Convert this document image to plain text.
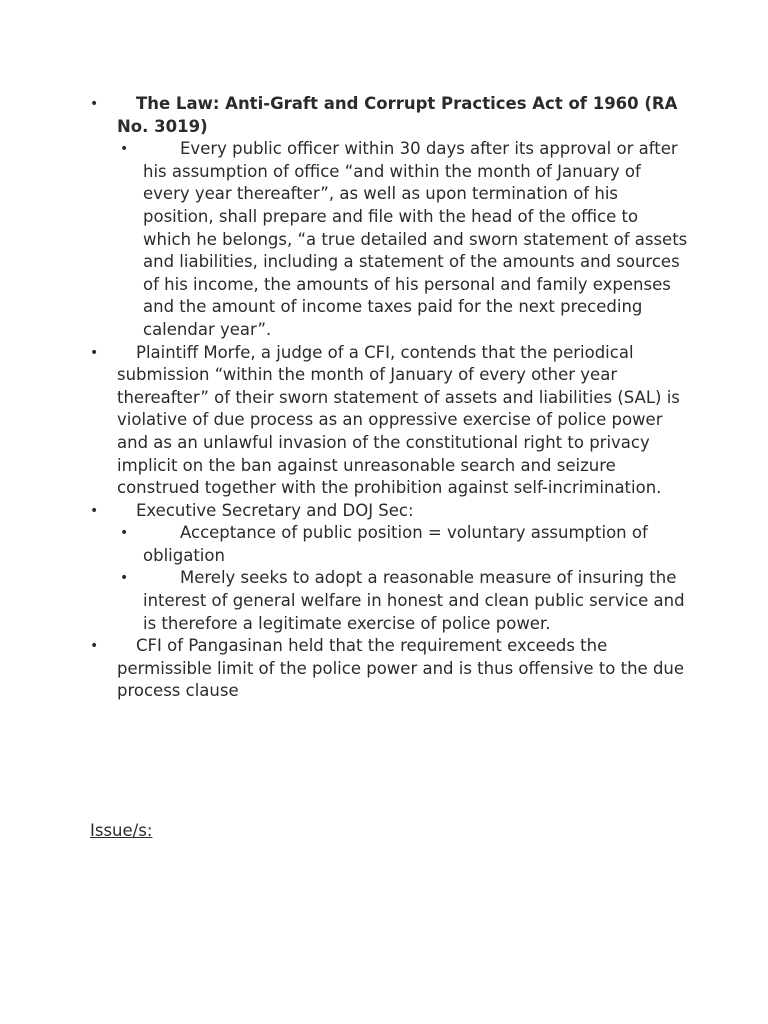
•	The Law: Anti-Graft and Corrupt Practices Act of 1960 (RA No. 3019)
•	Every public officer within 30 days after its approval or after his assumption of office “and within the month of January of every year thereafter”, as well as upon termination of his position, shall prepare and file with the head of the office to which he belongs, “a true detailed and sworn statement of assets and liabilities, including a statement of the amounts and sources of his income, the amounts of his personal and family expenses and the amount of income taxes paid for the next preceding calendar year”.
•	Plaintiff Morfe, a judge of a CFI, contends that the periodical submission “within the month of January of every other year thereafter” of their sworn statement of assets and liabilities (SAL) is violative of due process as an oppressive exercise of police power and as an unlawful invasion of the constitutional right to privacy implicit on the ban against unreasonable search and seizure construed together with the prohibition against self-incrimination.
•	Executive Secretary and DOJ Sec:
•	Acceptance of public position = voluntary assumption of obligation
•	Merely seeks to adopt a reasonable measure of insuring the interest of general welfare in honest and clean public service and is therefore a legitimate exercise of police power.
•	CFI of Pangasinan held that the requirement exceeds the permissible limit of the police power and is thus offensive to the due process clause
Issue/s:
